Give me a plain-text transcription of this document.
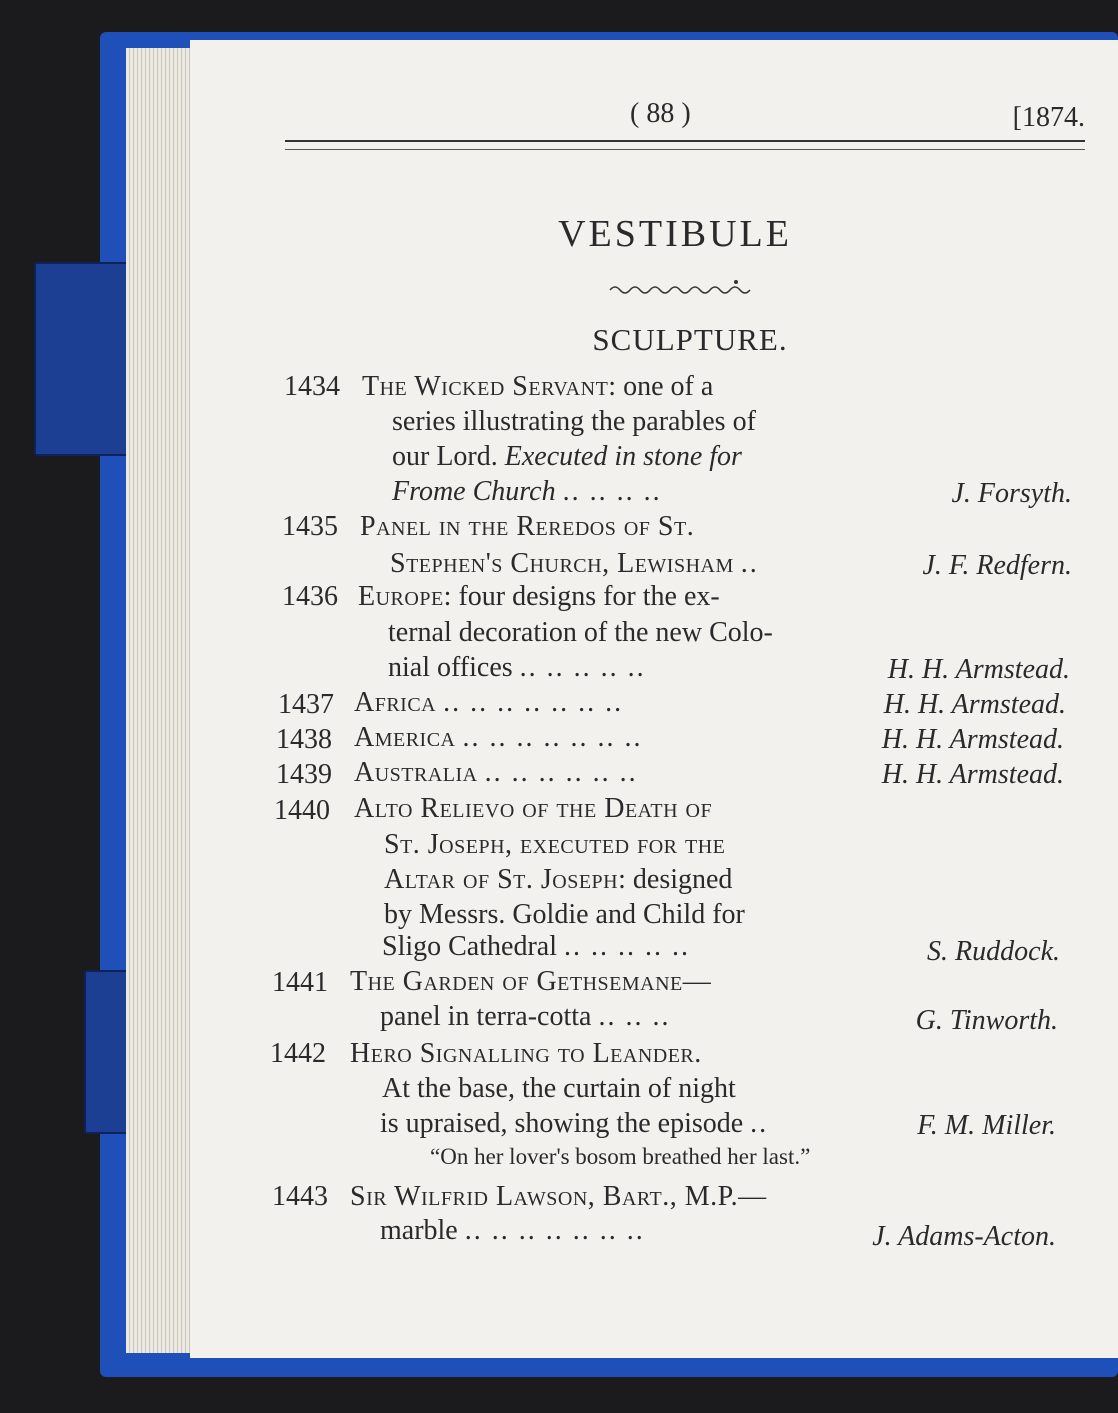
( 88 )	[1874.
VESTIBULE
SCULPTURE.
1434 The Wicked Servant: one of a
series illustrating the parables of
our Lord. Executed in stone for
Frome Church .. .. .. ..	J. Forsyth.
1435 Panel in the Reredos of St.
Stephen's Church, Lewisham ..	J. F. Redfern.
1436 Europe: four designs for the ex-
ternal decoration of the new Colo-
nial offices .. .. .. .. ..	H. H. Armstead.
1437 Africa .. .. .. .. .. .. ..	H. H. Armstead.
1438 America .. .. .. .. .. .. ..	H. H. Armstead.
1439 Australia .. .. .. .. .. ..	H. H. Armstead.
1440 Alto Relievo of the Death of
St. Joseph, executed for the
Altar of St. Joseph: designed
by Messrs. Goldie and Child for
Sligo Cathedral .. .. .. .. ..	S. Ruddock.
1441 The Garden of Gethsemane—
panel in terra-cotta .. .. ..	G. Tinworth.
1442 Hero Signalling to Leander.
At the base, the curtain of night
is upraised, showing the episode ..	F. M. Miller.
“On her lover's bosom breathed her last.”
1443 Sir Wilfrid Lawson, Bart., M.P.—
marble .. .. .. .. .. .. ..	J. Adams-Acton.
